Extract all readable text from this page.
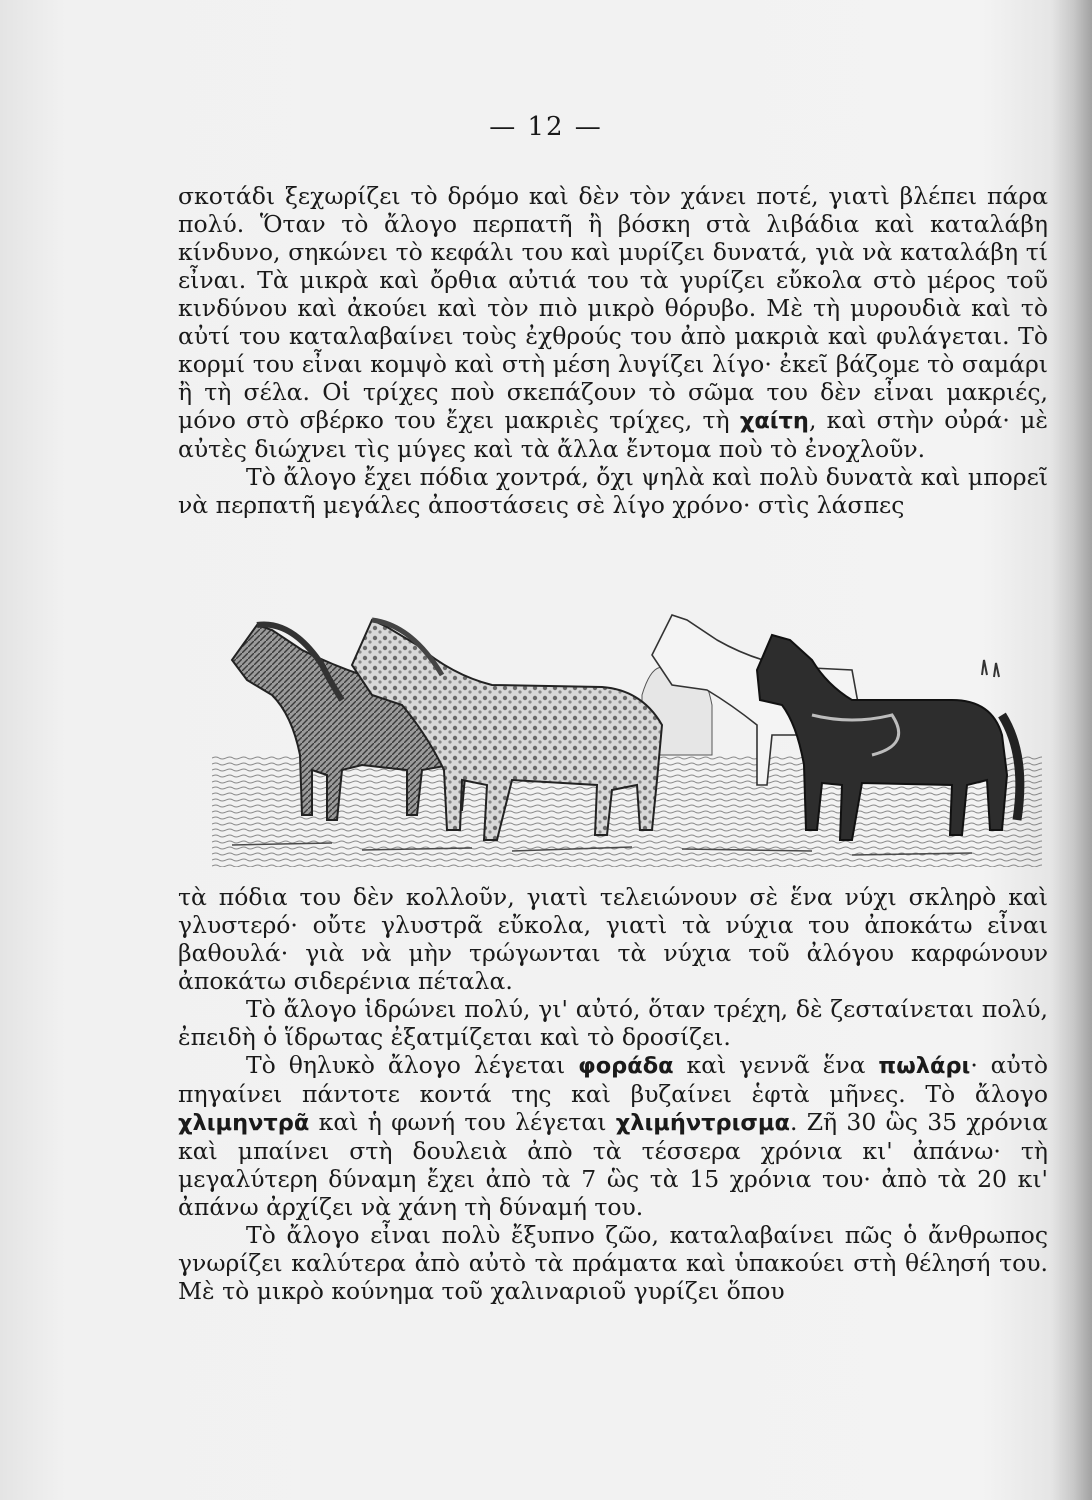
— 12 —

σκοτάδι ξεχωρίζει τὸ δρόμο καὶ δὲν τὸν χάνει ποτέ, γιατὶ βλέπει πάρα πολύ. Ὅταν τὸ ἄλογο περπατῆ ἢ βόσκη στὰ λιβάδια καὶ καταλάβη κίνδυνο, σηκώνει τὸ κεφάλι του καὶ μυρίζει δυνατά, γιὰ νὰ καταλάβη τί εἶναι. Τὰ μικρὰ καὶ ὄρθια αὐτιά του τὰ γυρίζει εὔκολα στὸ μέρος τοῦ κινδύνου καὶ ἀκούει καὶ τὸν πιὸ μικρὸ θόρυβο. Μὲ τὴ μυρουδιὰ καὶ τὸ αὐτί του καταλαβαίνει τοὺς ἐχθρούς του ἀπὸ μακριὰ καὶ φυλάγεται. Τὸ κορμί του εἶναι κομψὸ καὶ στὴ μέση λυγίζει λίγο· ἐκεῖ βάζομε τὸ σαμάρι ἢ τὴ σέλα. Οἱ τρίχες ποὺ σκεπάζουν τὸ σῶμα του δὲν εἶναι μακριές, μόνο στὸ σβέρκο του ἔχει μακριὲς τρίχες, τὴ χαίτη, καὶ στὴν οὐρά· μὲ αὐτὲς διώχνει τὶς μύγες καὶ τὰ ἄλλα ἔντομα ποὺ τὸ ἐνοχλοῦν.

Τὸ ἄλογο ἔχει πόδια χοντρά, ὄχι ψηλὰ καὶ πολὺ δυνατὰ καὶ μπορεῖ νὰ περπατῆ μεγάλες ἀποστάσεις σὲ λίγο χρόνο· στὶς λάσπες

τὰ πόδια του δὲν κολλοῦν, γιατὶ τελειώνουν σὲ ἕνα νύχι σκληρὸ καὶ γλυστερό· οὔτε γλυστρᾶ εὔκολα, γιατὶ τὰ νύχια του ἀποκάτω εἶναι βαθουλά· γιὰ νὰ μὴν τρώγωνται τὰ νύχια τοῦ ἀλόγου καρφώνουν ἀποκάτω σιδερένια πέταλα.

Τὸ ἄλογο ἱδρώνει πολύ, γι' αὐτό, ὅταν τρέχη, δὲ ζεσταίνεται πολύ, ἐπειδὴ ὁ ἵδρωτας ἐξατμίζεται καὶ τὸ δροσίζει.

Τὸ θηλυκὸ ἄλογο λέγεται φοράδα καὶ γεννᾶ ἕνα πωλάρι· αὐτὸ πηγαίνει πάντοτε κοντά της καὶ βυζαίνει ἑφτὰ μῆνες. Τὸ ἄλογο χλιμηντρᾶ καὶ ἡ φωνή του λέγεται χλιμήντρισμα. Ζῆ 30 ὣς 35 χρόνια καὶ μπαίνει στὴ δουλειὰ ἀπὸ τὰ τέσσερα χρόνια κι' ἀπάνω· τὴ μεγαλύτερη δύναμη ἔχει ἀπὸ τὰ 7 ὣς τὰ 15 χρόνια του· ἀπὸ τὰ 20 κι' ἀπάνω ἀρχίζει νὰ χάνη τὴ δύναμή του.

Τὸ ἄλογο εἶναι πολὺ ἔξυπνο ζῶο, καταλαβαίνει πῶς ὁ ἄνθρωπος γνωρίζει καλύτερα ἀπὸ αὐτὸ τὰ πράματα καὶ ὑπακούει στὴ θέλησή του. Μὲ τὸ μικρὸ κούνημα τοῦ χαλιναριοῦ γυρίζει ὅπου
